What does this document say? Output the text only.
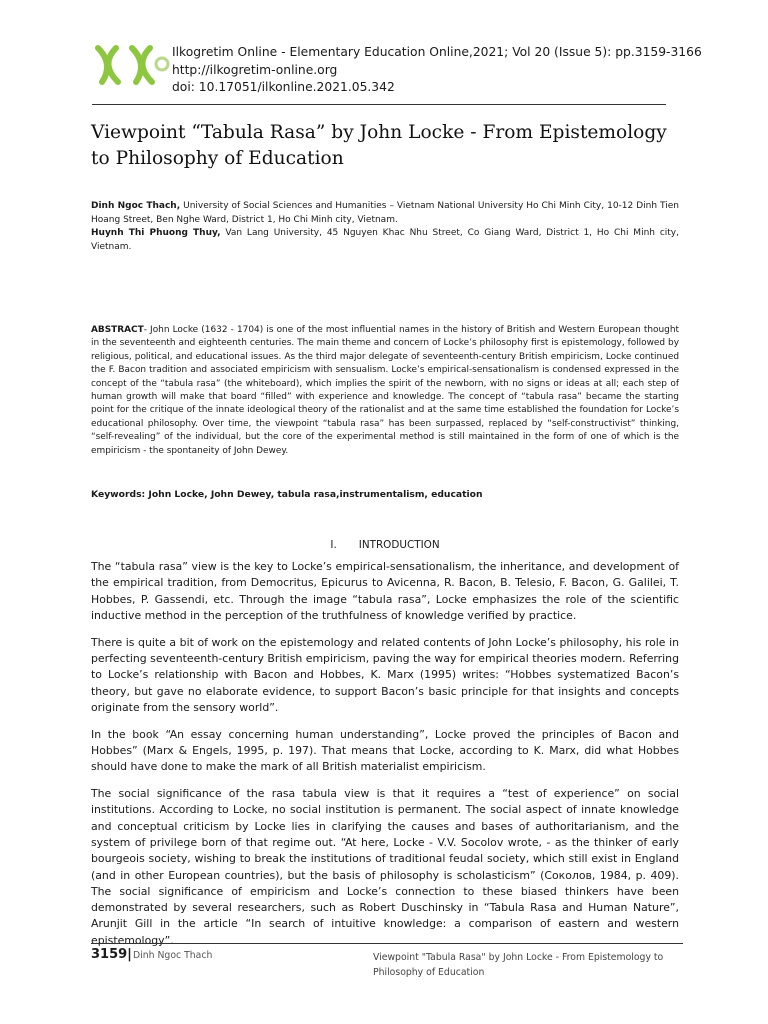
Ilkogretim Online - Elementary Education Online,2021; Vol 20 (Issue 5): pp.3159-3166
http://ilkogretim-online.org
doi: 10.17051/ilkonline.2021.05.342
Viewpoint “Tabula Rasa” by John Locke - From Epistemology to Philosophy of Education

Dinh Ngoc Thach, University of Social Sciences and Humanities – Vietnam National University Ho Chi Minh City, 10-12 Dinh Tien Hoang Street, Ben Nghe Ward, District 1, Ho Chi Minh city, Vietnam.

Huynh Thi Phuong Thuy, Van Lang University, 45 Nguyen Khac Nhu Street, Co Giang Ward, District 1, Ho Chi Minh city, Vietnam.

ABSTRACT- John Locke (1632 - 1704) is one of the most influential names in the history of British and Western European thought in the seventeenth and eighteenth centuries. The main theme and concern of Locke’s philosophy first is epistemology, followed by religious, political, and educational issues. As the third major delegate of seventeenth-century British empiricism, Locke continued the F. Bacon tradition and associated empiricism with sensualism. Locke’s empirical-sensationalism is condensed expressed in the concept of the “tabula rasa” (the whiteboard), which implies the spirit of the newborn, with no signs or ideas at all; each step of human growth will make that board “filled” with experience and knowledge. The concept of “tabula rasa” became the starting point for the critique of the innate ideological theory of the rationalist and at the same time established the foundation for Locke’s educational philosophy. Over time, the viewpoint “tabula rasa” has been surpassed, replaced by “self-constructivist” thinking, “self-revealing” of the individual, but the core of the experimental method is still maintained in the form of one of which is the empiricism - the spontaneity of John Dewey.

Keywords: John Locke, John Dewey, tabula rasa,instrumentalism, education
I. INTRODUCTION

The “tabula rasa” view is the key to Locke’s empirical-sensationalism, the inheritance, and development of the empirical tradition, from Democritus, Epicurus to Avicenna, R. Bacon, B. Telesio, F. Bacon, G. Galilei, T. Hobbes, P. Gassendi, etc. Through the image “tabula rasa”, Locke emphasizes the role of the scientific inductive method in the perception of the truthfulness of knowledge verified by practice.

There is quite a bit of work on the epistemology and related contents of John Locke’s philosophy, his role in perfecting seventeenth-century British empiricism, paving the way for empirical theories modern. Referring to Locke’s relationship with Bacon and Hobbes, K. Marx (1995) writes: “Hobbes systematized Bacon’s theory, but gave no elaborate evidence, to support Bacon’s basic principle for that insights and concepts originate from the sensory world”.

In the book “An essay concerning human understanding”, Locke proved the principles of Bacon and Hobbes” (Marx & Engels, 1995, p. 197). That means that Locke, according to K. Marx, did what Hobbes should have done to make the mark of all British materialist empiricism.

The social significance of the rasa tabula view is that it requires a “test of experience” on social institutions. According to Locke, no social institution is permanent. The social aspect of innate knowledge and conceptual criticism by Locke lies in clarifying the causes and bases of authoritarianism, and the system of privilege born of that regime out. “At here, Locke - V.V. Socolov wrote, - as the thinker of early bourgeois society, wishing to break the institutions of traditional feudal society, which still exist in England (and in other European countries), but the basis of philosophy is scholasticism” (Соколов, 1984, p. 409). The social significance of empiricism and Locke’s connection to these biased thinkers have been demonstrated by several researchers, such as Robert Duschinsky in “Tabula Rasa and Human Nature”, Arunjit Gill in the article “In search of intuitive knowledge: a comparison of eastern and western epistemology”.

3159| Dinh Ngoc Thach	Viewpoint "Tabula Rasa" by John Locke - From Epistemology to Philosophy of Education
